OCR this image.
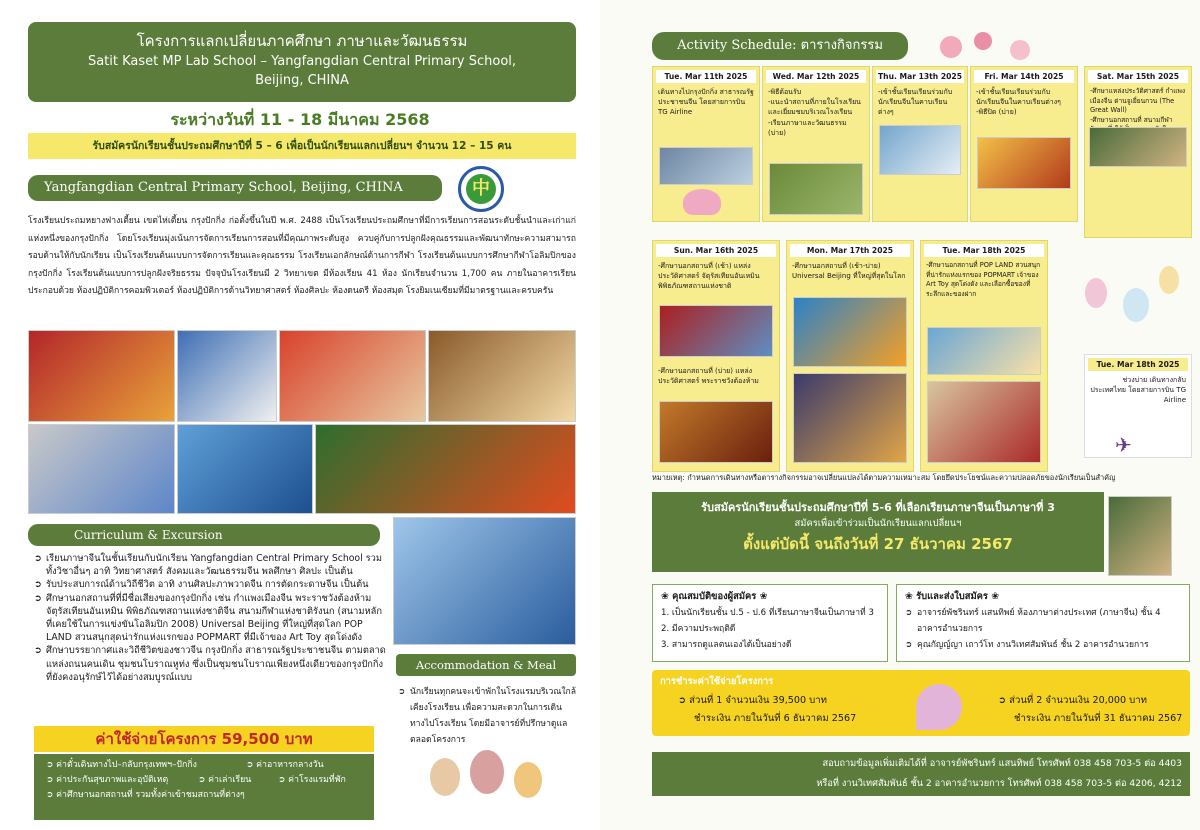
โครงการแลกเปลี่ยนภาคศึกษา ภาษาและวัฒนธรรม
Satit Kaset MP Lab School – Yangfangdian Central Primary School,
Beijing, CHINA
ระหว่างวันที่ 11 - 18 มีนาคม 2568
รับสมัครนักเรียนชั้นประถมศึกษาปีที่ 5 – 6 เพื่อเป็นนักเรียนแลกเปลี่ยนฯ จำนวน 12 – 15 คน
Yangfangdian Central Primary School, Beijing, CHINA	中
โรงเรียนประถมหยางฟางเตี้ยน เขตไห่เตี้ยน กรุงปักกิ่ง ก่อตั้งขึ้นในปี พ.ศ. 2488 เป็นโรงเรียนประถมศึกษาที่มีการเรียนการสอนระดับชั้นนำและเก่าแก่แห่งหนึ่งของกรุงปักกิ่ง โดยโรงเรียนมุ่งเน้นการจัดการเรียนการสอนที่มีคุณภาพระดับสูง ควบคู่กับการปลูกฝังคุณธรรมและพัฒนาทักษะความสามารถรอบด้านให้กับนักเรียน เป็นโรงเรียนต้นแบบการจัดการเรียนและคุณธรรม โรงเรียนเอกลักษณ์ด้านการกีฬา โรงเรียนต้นแบบการศึกษากีฬาโอลิมปิกของกรุงปักกิ่ง โรงเรียนต้นแบบการปลูกฝังจริยธรรม ปัจจุบันโรงเรียนมี 2 วิทยาเขต มีห้องเรียน 41 ห้อง นักเรียนจำนวน 1,700 คน ภายในอาคารเรียนประกอบด้วย ห้องปฏิบัติการคอมพิวเตอร์ ห้องปฏิบัติการด้านวิทยาศาสตร์ ห้องศิลปะ ห้องดนตรี ห้องสมุด โรงยิมเนเซียมที่มีมาตรฐานและครบครัน
Curriculum & Excursion
➲ เรียนภาษาจีนในชั้นเรียนกับนักเรียน Yangfangdian Central Primary School รวมทั้งวิชาอื่นๆ อาทิ วิทยาศาสตร์ สังคมและวัฒนธรรมจีน พลศึกษา ศิลปะ เป็นต้น
➲ รับประสบการณ์ด้านวิถีชีวิต อาทิ งานศิลปะภาพวาดจีน การตัดกระดาษจีน เป็นต้น
➲ ศึกษานอกสถานที่ที่มีชื่อเสียงของกรุงปักกิ่ง เช่น กำแพงเมืองจีน พระราชวังต้องห้าม จัตุรัสเทียนอันเหมิน พิพิธภัณฑสถานแห่งชาติจีน สนามกีฬาแห่งชาติรังนก (สนามหลักที่เคยใช้ในการแข่งขันโอลิมปิก 2008) Universal Beijing ที่ใหญ่ที่สุดโลก POP LAND สวนสนุกสุดน่ารักแห่งแรกของ POPMART ที่มีเจ้าของ Art Toy สุดโด่งดัง
➲ ศึกษาบรรยากาศและวิถีชีวิตของชาวจีน กรุงปักกิ่ง สาธารณรัฐประชาชนจีน ตามตลาดแหล่งถนนคนเดิน ชุมชนโบราณหูท่ง ซึ่งเป็นชุมชนโบราณเพียงหนึ่งเดียวของกรุงปักกิ่งที่ยังคงอนุรักษ์ไว้ได้อย่างสมบูรณ์แบบ
Accommodation & Meal
➲ นักเรียนทุกคนจะเข้าพักในโรงแรมบริเวณใกล้เคียงโรงเรียน เพื่อความสะดวกในการเดินทางไปโรงเรียน โดยมีอาจารย์ที่ปรึกษาดูแลตลอดโครงการ
ค่าใช้จ่ายโครงการ 59,500 บาท
➲ ค่าตั๋วเดินทางไป–กลับกรุงเทพฯ–ปักกิ่ง	➲ ค่าอาหารกลางวัน
➲ ค่าประกันสุขภาพและอุบัติเหตุ	➲ ค่าเล่าเรียน	➲ ค่าโรงแรมที่พัก
➲ ค่าศึกษานอกสถานที่ รวมทั้งค่าเข้าชมสถานที่ต่างๆ
Activity Schedule: ตารางกิจกรรม
Tue. Mar 11th 2025
เดินทางไปกรุงปักกิ่ง สาธารณรัฐประชาชนจีน โดยสายการบิน TG Airline
Wed. Mar 12th 2025
-พิธีต้อนรับ
-แนะนำสถานที่ภายในโรงเรียน และเยี่ยมชมบริเวณโรงเรียน
-เรียนภาษาและวัฒนธรรม (บ่าย)
Thu. Mar 13th 2025
-เข้าชั้นเรียนเรียนร่วมกับนักเรียนจีนในคาบเรียนต่างๆ
Fri. Mar 14th 2025
-เข้าชั้นเรียนเรียนร่วมกับนักเรียนจีนในคาบเรียนต่างๆ
-พิธีปิด (บ่าย)
Sat. Mar 15th 2025
-ศึกษาแหล่งประวัติศาสตร์ กำแพงเมืองจีน ด่านจูเยี่ยนกวน (The Great Wall)
-ศึกษานอกสถานที่ สนามกีฬา
Sun. Mar 16th 2025
-ศึกษานอกสถานที่ (เช้า) แหล่งประวัติศาสตร์ จัตุรัสเทียนอันเหมิน พิพิธภัณฑสถานแห่งชาติ
-ศึกษานอกสถานที่ (บ่าย) แหล่งประวัติศาสตร์ พระราชวังต้องห้าม
Mon. Mar 17th 2025
-ศึกษานอกสถานที่ (เช้า-บ่าย) Universal Beijing ที่ใหญ่ที่สุดในโลก
Tue. Mar 18th 2025
-ศึกษานอกสถานที่ POP LAND สวนสนุกที่น่ารักแห่งแรกของ POPMART เจ้าของ Art Toy สุดโด่งดัง และเลือกซื้อของที่ระลึกและของฝาก
Tue. Mar 18th 2025
ช่วงบ่าย เดินทางกลับประเทศไทย โดยสายการบิน TG Airline
✈
หมายเหตุ: กำหนดการเดินทางหรือตารางกิจกรรมอาจเปลี่ยนแปลงได้ตามความเหมาะสม โดยยึดประโยชน์และความปลอดภัยของนักเรียนเป็นสำคัญ
รับสมัครนักเรียนชั้นประถมศึกษาปีที่ 5-6 ที่เลือกเรียนภาษาจีนเป็นภาษาที่ 3
สมัครเพื่อเข้าร่วมเป็นนักเรียนแลกเปลี่ยนฯ
ตั้งแต่บัดนี้ จนถึงวันที่ 27 ธันวาคม 2567
❀ คุณสมบัติของผู้สมัคร ❀
1. เป็นนักเรียนชั้น ป.5 - ป.6 ที่เรียนภาษาจีนเป็นภาษาที่ 3
2. มีความประพฤติดี
3. สามารถดูแลตนเองได้เป็นอย่างดี
❀ รับและส่งใบสมัคร ❀
➲ อาจารย์พัชรินทร์ แสนทิพย์ ห้องภาษาต่างประเทศ (ภาษาจีน) ชั้น 4 อาคารอำนวยการ
➲ คุณกัญญ์ญา เถาว์โท งานวิเทศสัมพันธ์ ชั้น 2 อาคารอำนวยการ
การชำระค่าใช้จ่ายโครงการ
➲ ส่วนที่ 1 จำนวนเงิน 39,500 บาท
ชำระเงิน ภายในวันที่ 6 ธันวาคม 2567
➲ ส่วนที่ 2 จำนวนเงิน 20,000 บาท
ชำระเงิน ภายในวันที่ 31 ธันวาคม 2567
สอบถามข้อมูลเพิ่มเติมได้ที่ อาจารย์พัชรินทร์ แสนทิพย์ โทรศัพท์ 038 458 703-5 ต่อ 4403
หรือที่ งานวิเทศสัมพันธ์ ชั้น 2 อาคารอำนวยการ โทรศัพท์ 038 458 703-5 ต่อ 4206, 4212
